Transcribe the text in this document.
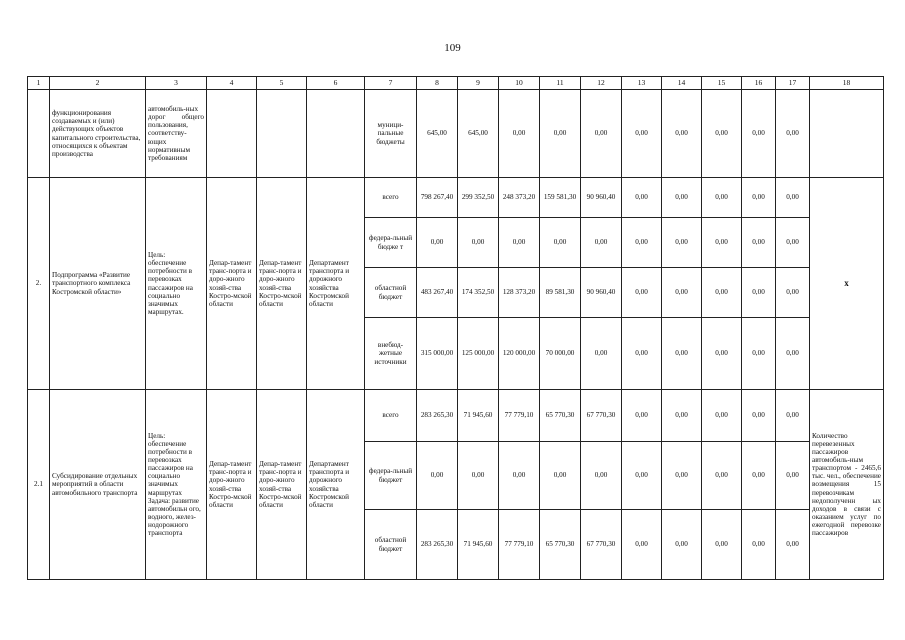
109
1	2	3	4	5	6	7	8	9	10	11	12	13	14	15	16	17	18
	функционирования создаваемых и (или) действующих объектов капитального строительства, относящихся к объектам производства	автомобиль-ных дорог общего пользования, соответству-ющих нормативным требованиям				муници-пальные бюджеты	645,00	645,00	0,00	0,00	0,00	0,00	0,00	0,00	0,00	0,00	
2.	Подпрограмма «Развитие транспортного комплекса Костромской области»	Цель: обеспечение потребности в перевозках пассажиров на социально значимых маршрутах.	Депар-тамент транс-порта и доро-жного хозяй-ства Костро-мской области	Депар-тамент транс-порта и доро-жного хозяй-ства Костро-мской области	Департамент транспорта и дорожного хозяйства Костромской области	всего	798 267,40	299 352,50	248 373,20	159 581,30	90 960,40	0,00	0,00	0,00	0,00	0,00	x
						федера-льный бюдже т	0,00	0,00	0,00	0,00	0,00	0,00	0,00	0,00	0,00	0,00	
						областной бюджет	483 267,40	174 352,50	128 373,20	89 581,30	90 960,40	0,00	0,00	0,00	0,00	0,00	
						внебюд-жетные источники	315 000,00	125 000,00	120 000,00	70 000,00	0,00	0,00	0,00	0,00	0,00	0,00	
2.1	Субсидирование отдельных мероприятий в области автомобильного транспорта	Цель: обеспечение потребности в перевозках пассажиров на социально значимых маршрутах Задача: развитие автомобильн ого, водного, желез-нодорожного транспорта	Депар-тамент транс-порта и доро-жного хозяй-ства Костро-мской области	Депар-тамент транс-порта и доро-жного хозяй-ства Костро-мской области	Департамент транспорта и дорожного хозяйства Костромской области	всего	283 265,30	71 945,60	77 779,10	65 770,30	67 770,30	0,00	0,00	0,00	0,00	0,00	Количество перевезенных пассажиров автомобиль-ным транспортом - 2465,6 тыс. чел., обеспечение возмещения 15 перевозчикам недополученн ых доходов в связи с оказанием услуг по ежегодной перевозке пассажиров
						федера-льный бюджет	0,00	0,00	0,00	0,00	0,00	0,00	0,00	0,00	0,00	0,00	
						областной бюджет	283 265,30	71 945,60	77 779,10	65 770,30	67 770,30	0,00	0,00	0,00	0,00	0,00	
